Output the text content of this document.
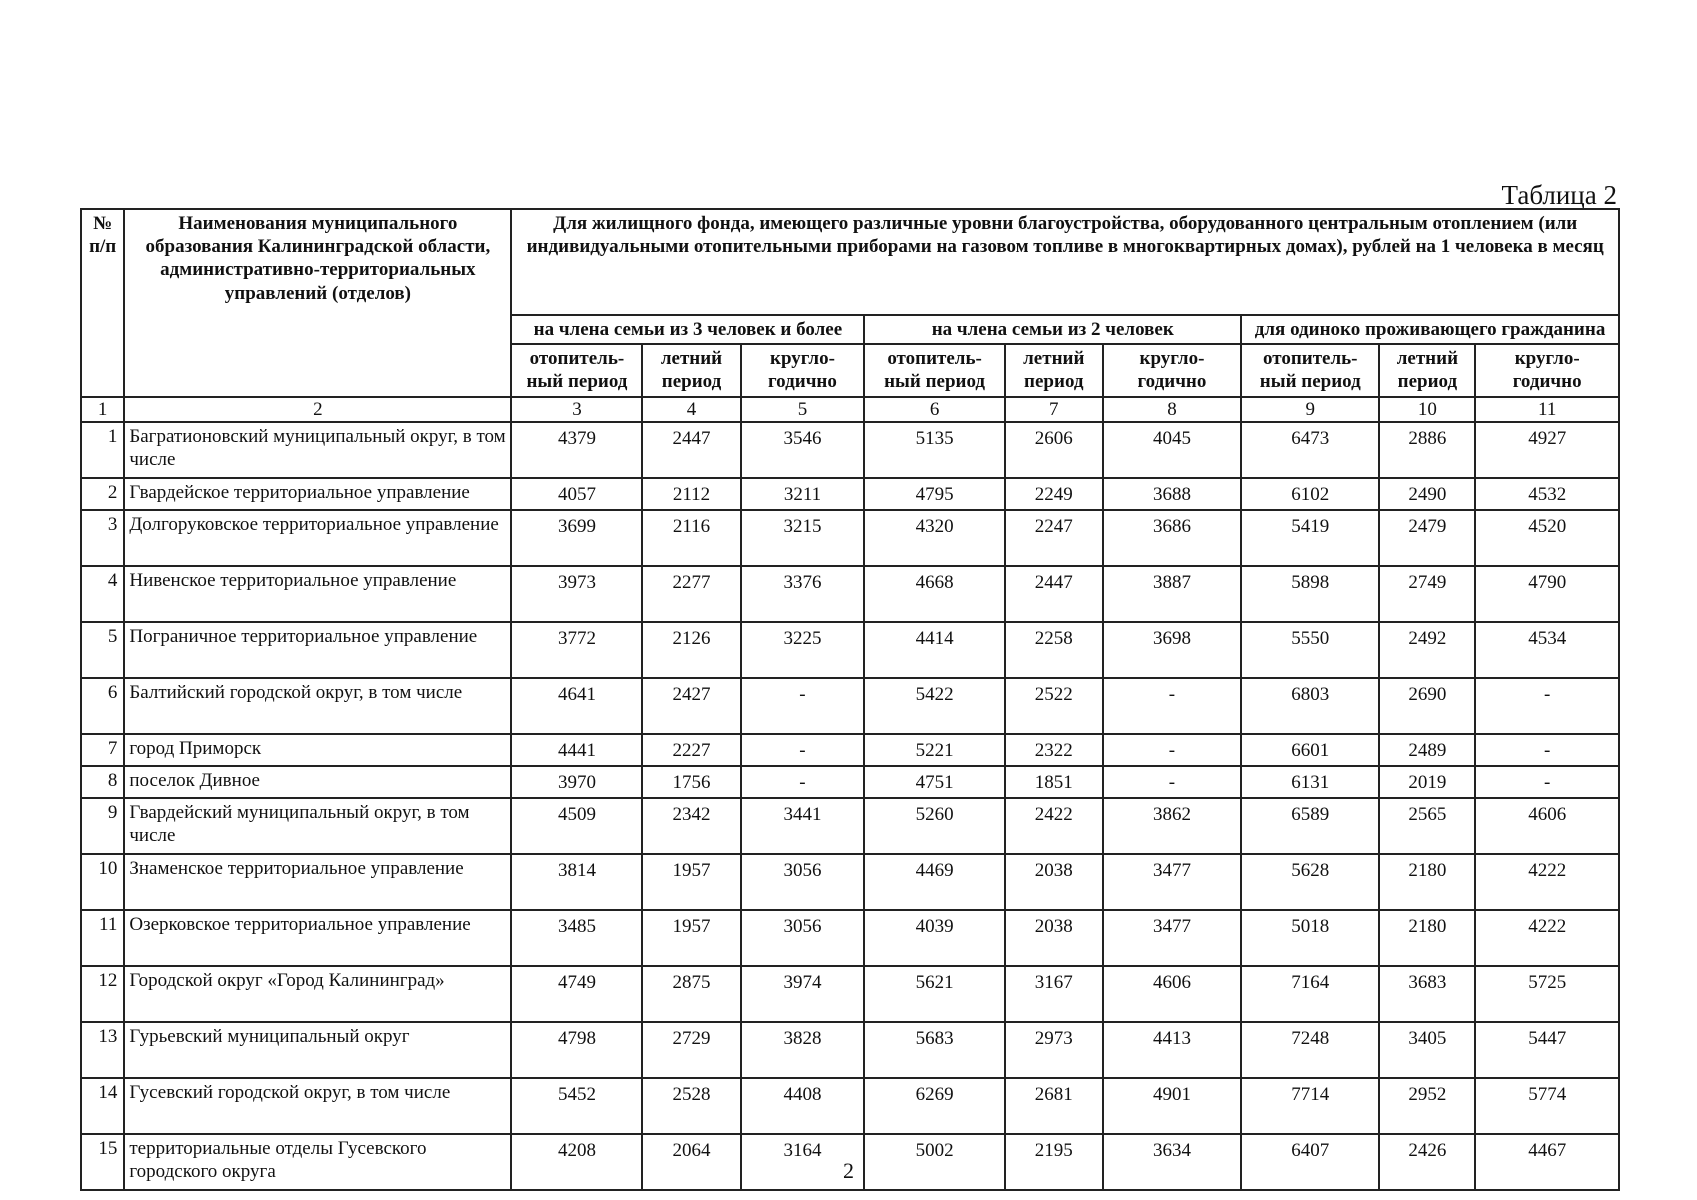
Таблица 2
№ п/п	Наименования муниципального образования Калининградской области, административно-территориальных управлений (отделов)	Для жилищного фонда, имеющего различные уровни благоустройства, оборудованного центральным отоплением (или индивидуальными отопительными приборами на газовом топливе в многоквартирных домах), рублей на 1 человека в месяц								
		на члена семьи из 3 человек и более			на члена семьи из 2 человек			для одиноко проживающего гражданина		
		отопитель-ный период	летний период	кругло-годично	отопитель-ный период	летний период	кругло-годично	отопитель-ный период	летний период	кругло-годично
1	2	3	4	5	6	7	8	9	10	11
1	Багратионовский муниципальный округ, в том числе	4379	2447	3546	5135	2606	4045	6473	2886	4927
2	Гвардейское территориальное управление	4057	2112	3211	4795	2249	3688	6102	2490	4532
3	Долгоруковское территориальное управление	3699	2116	3215	4320	2247	3686	5419	2479	4520
4	Нивенское территориальное управление	3973	2277	3376	4668	2447	3887	5898	2749	4790
5	Пограничное территориальное управление	3772	2126	3225	4414	2258	3698	5550	2492	4534
6	Балтийский городской округ, в том числе	4641	2427	-	5422	2522	-	6803	2690	-
7	город Приморск	4441	2227	-	5221	2322	-	6601	2489	-
8	поселок Дивное	3970	1756	-	4751	1851	-	6131	2019	-
9	Гвардейский муниципальный округ, в том числе	4509	2342	3441	5260	2422	3862	6589	2565	4606
10	Знаменское территориальное управление	3814	1957	3056	4469	2038	3477	5628	2180	4222
11	Озерковское территориальное управление	3485	1957	3056	4039	2038	3477	5018	2180	4222
12	Городской округ «Город Калининград»	4749	2875	3974	5621	3167	4606	7164	3683	5725
13	Гурьевский муниципальный округ	4798	2729	3828	5683	2973	4413	7248	3405	5447
14	Гусевский городской округ, в том числе	5452	2528	4408	6269	2681	4901	7714	2952	5774
15	территориальные отделы Гусевского городского округа	4208	2064	3164	5002	2195	3634	6407	2426	4467
2
